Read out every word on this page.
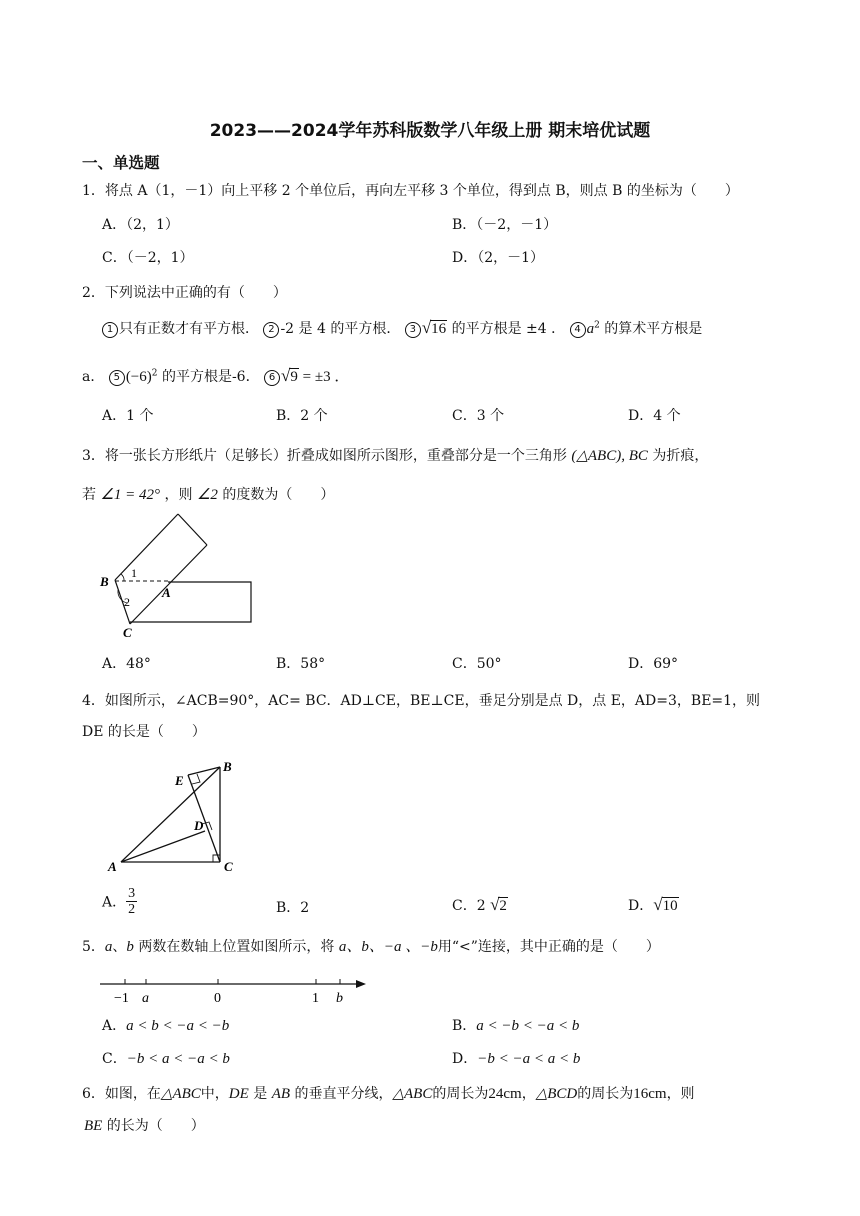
2023——2024学年苏科版数学八年级上册 期末培优试题
一、单选题
1．将点 A（1，－1）向上平移 2 个单位后，再向左平移 3 个单位，得到点 B，则点 B 的坐标为（　　）
A．（2，1）	B．（－2，－1）
C．（－2，1）	D．（2，－1）
2．下列说法中正确的有（　　）
1 只有正数才有平方根． 2 -2 是 4 的平方根． 3 √16 的平方根是 ±4 ． 4 $a^2$ 的算术平方根是
a． 5 $(-6)^2$ 的平方根是-6． 6 √9 = ±3 ．
A．1 个	B．2 个	C．3 个	D．4 个
3．将一张长方形纸片（足够长）折叠成如图所示图形，重叠部分是一个三角形 (△ABC), BC 为折痕，
若 ∠1 = 42° ，则 ∠2 的度数为（　　）
B
A
C
1
2
A．48°	B．58°	C．50°	D．69°
4．如图所示，∠ACB=90°，AC= BC．AD⊥CE，BE⊥CE，垂足分别是点 D，点 E，AD=3，BE=1，则
DE 的长是（　　）
A
B
C
D
E
A． $\frac{3}{2}$	B．2	C．2 √2	D．√10
5．a、b 两数在数轴上位置如图所示，将 a、b、−a 、−b用“<”连接，其中正确的是（　　）
−1 a	0	1 b
A．a < b < −a < −b	B．a < −b < −a < b
C．−b < a < −a < b	D．−b < −a < a < b
6．如图，在△ABC中，DE 是 AB 的垂直平分线，△ABC的周长为24cm，△BCD的周长为16cm，则
BE 的长为（　　）
